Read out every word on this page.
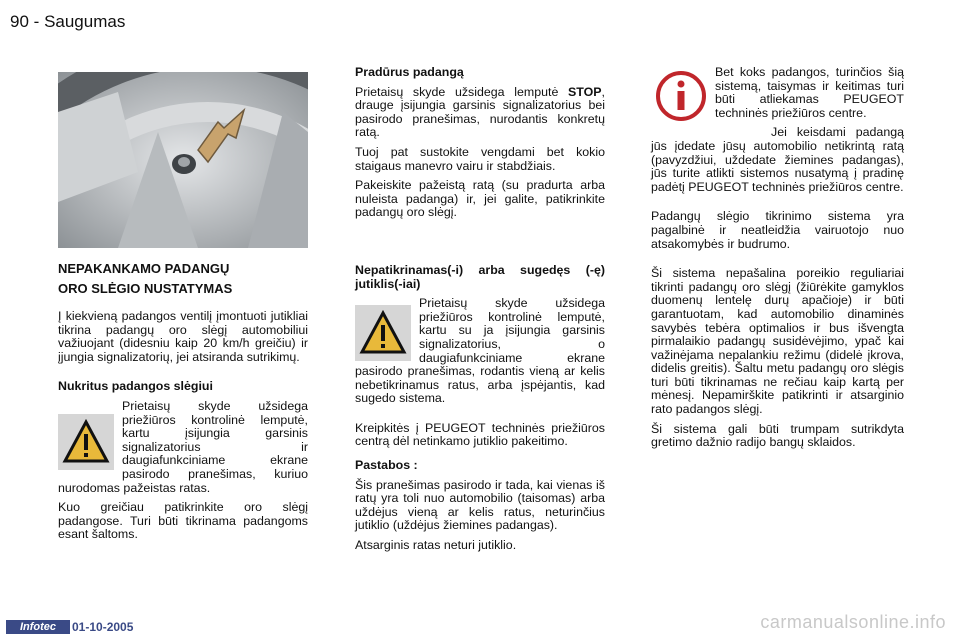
90 - Saugumas

NEPAKANKAMO PADANGŲ

ORO SLĖGIO NUSTATYMAS

Į kiekvieną padangos ventilį įmontuoti jutikliai tikrina padangų oro slėgį automobiliui važiuojant (didesniu kaip 20 km/h greičiu) ir įjungia signalizatorių, jei atsiranda sutrikimų.

Nukritus padangos slėgiui

Prietaisų skyde užsidega priežiūros kontrolinė lemputė, kartu įsijungia garsinis signalizatorius ir daugiafunkciniame ekrane pasirodo pranešimas, kuriuo nurodomas pažeistas ratas.

Kuo greičiau patikrinkite oro slėgį padangose. Turi būti tikrinama padangoms esant šaltoms.

Pradūrus padangą

Prietaisų skyde užsidega lemputė STOP, drauge įsijungia garsinis signalizatorius bei pasirodo pranešimas, nurodantis konkretų ratą.

Tuoj pat sustokite vengdami bet kokio staigaus manevro vairu ir stabdžiais.

Pakeiskite pažeistą ratą (su pradurta arba nuleista padanga) ir, jei galite, patikrinkite padangų oro slėgį.

Nepatikrinamas(-i) arba sugedęs (-ę) jutiklis(-iai)

Prietaisų skyde užsidega priežiūros kontrolinė lemputė, kartu su ja įsijungia garsinis signalizatorius, o daugiafunkciniame ekrane pasirodo pranešimas, rodantis vieną ar kelis nebetikrinamus ratus, arba įspėjantis, kad sugedo sistema.

Kreipkitės į PEUGEOT techninės priežiūros centrą dėl netinkamo jutiklio pakeitimo.

Pastabos :

Šis pranešimas pasirodo ir tada, kai vienas iš ratų yra toli nuo automobilio (taisomas) arba uždėjus vieną ar kelis ratus, neturinčius jutiklio (uždėjus žiemines padangas).

Atsarginis ratas neturi jutiklio.

Bet koks padangos, turinčios šią sistemą, taisymas ir keitimas turi būti atliekamas PEUGEOT techninės priežiūros centre.

Jei keisdami padangą jūs įdedate jūsų automobilio netikrintą ratą (pavyzdžiui, uždedate žiemines padangas), jūs turite atlikti sistemos nusatymą į pradinę padėtį PEUGEOT techninės priežiūros centre.

Padangų slėgio tikrinimo sistema yra pagalbinė ir neatleidžia vairuotojo nuo atsakomybės ir budrumo.

Ši sistema nepašalina poreikio reguliariai tikrinti padangų oro slėgį (žiūrėkite gamyklos duomenų lentelę durų apačioje) ir būti garantuotam, kad automobilio dinaminės savybės tebėra optimalios ir bus išvengta pirmalaikio padangų susidėvėjimo, ypač kai važinėjama nepalankiu režimu (didelė įkrova, didelis greitis). Šaltu metu padangų oro slėgis turi būti tikrinamas ne rečiau kaip kartą per mėnesį. Nepamirškite patikrinti ir atsarginio rato padangos slėgį.

Ši sistema gali būti trumpam sutrikdyta gretimo dažnio radijo bangų sklaidos.

Infotec	01-10-2005	carmanualsonline.info
